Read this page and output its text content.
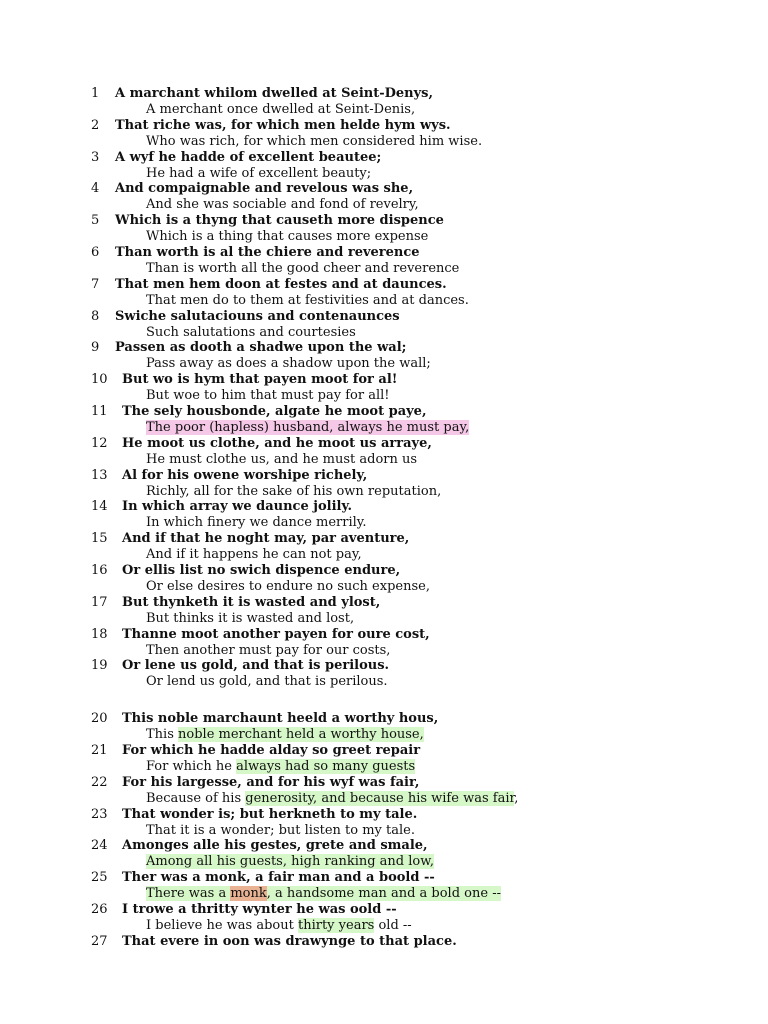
1 A marchant whilom dwelled at Seint-Denys,
A merchant once dwelled at Seint-Denis,
2 That riche was, for which men helde hym wys.
Who was rich, for which men considered him wise.
3 A wyf he hadde of excellent beautee;
He had a wife of excellent beauty;
4 And compaignable and revelous was she,
And she was sociable and fond of revelry,
5 Which is a thyng that causeth more dispence
Which is a thing that causes more expense
6 Than worth is al the chiere and reverence
Than is worth all the good cheer and reverence
7 That men hem doon at festes and at daunces.
That men do to them at festivities and at dances.
8 Swiche salutaciouns and contenaunces
Such salutations and courtesies
9 Passen as dooth a shadwe upon the wal;
Pass away as does a shadow upon the wall;
10 But wo is hym that payen moot for al!
But woe to him that must pay for all!
11 The sely housbonde, algate he moot paye,
The poor (hapless) husband, always he must pay,
12 He moot us clothe, and he moot us arraye,
He must clothe us, and he must adorn us
13 Al for his owene worshipe richely,
Richly, all for the sake of his own reputation,
14 In which array we daunce jolily.
In which finery we dance merrily.
15 And if that he noght may, par aventure,
And if it happens he can not pay,
16 Or ellis list no swich dispence endure,
Or else desires to endure no such expense,
17 But thynketh it is wasted and ylost,
But thinks it is wasted and lost,
18 Thanne moot another payen for oure cost,
Then another must pay for our costs,
19 Or lene us gold, and that is perilous.
Or lend us gold, and that is perilous.
20 This noble marchaunt heeld a worthy hous,
This noble merchant held a worthy house,
21 For which he hadde alday so greet repair
For which he always had so many guests
22 For his largesse, and for his wyf was fair,
Because of his generosity, and because his wife was fair,
23 That wonder is; but herkneth to my tale.
That it is a wonder; but listen to my tale.
24 Amonges alle his gestes, grete and smale,
Among all his guests, high ranking and low,
25 Ther was a monk, a fair man and a boold --
There was a monk, a handsome man and a bold one --
26 I trowe a thritty wynter he was oold --
I believe he was about thirty years old --
27 That evere in oon was drawynge to that place.
